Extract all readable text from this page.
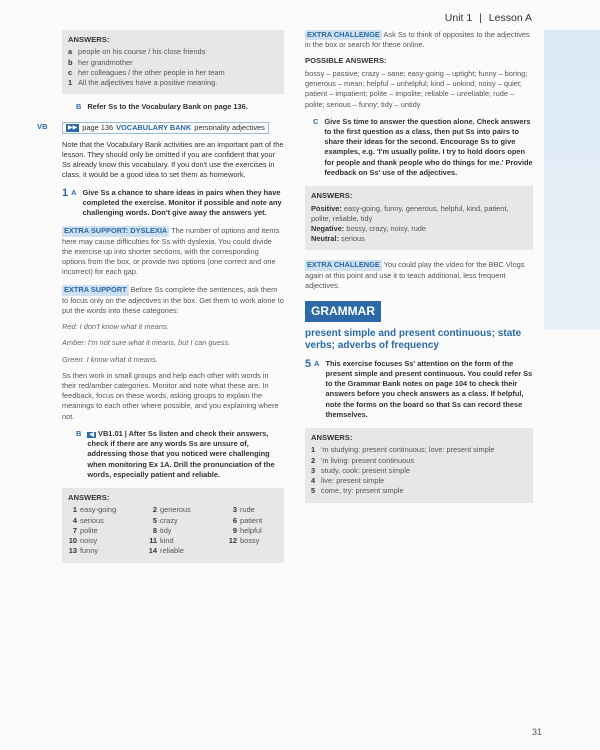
Unit 1 | Lesson A
ANSWERS:
a people on his course / his close friends
b her grandmother
c her colleagues / the other people in her team
1 All the adjectives have a positive meaning.
B Refer Ss to the Vocabulary Bank on page 136.
VB	▶▶ page 136 VOCABULARY BANK personality adjectives
Note that the Vocabulary Bank activities are an important part of the lesson. They should only be omitted if you are confident that your Ss already know this vocabulary. If you don't use the exercises in class, it would be a good idea to set them as homework.
1 A Give Ss a chance to share ideas in pairs when they have completed the exercise. Monitor if possible and note any challenging words. Don't give away the answers yet.
EXTRA SUPPORT: DYSLEXIA The number of options and items here may cause difficulties for Ss with dyslexia. You could divide the exercise up into shorter sections, with the corresponding options from the box, or provide two options (one correct and one incorrect) for each gap.
EXTRA SUPPORT Before Ss complete the sentences, ask them to focus only on the adjectives in the box. Get them to work alone to put the words into these categories:
Red: I don't know what it means.
Amber: I'm not sure what it means, but I can guess.
Green: I know what it means.
Ss then work in small groups and help each other with words in their red/amber categories. Monitor and note what these are. In feedback, focus on these words, asking groups to explain the meanings to each other where possible, and you explaining where not.
B	◀ VB1.01 | After Ss listen and check their answers, check if there are any words Ss are unsure of, addressing those that you noticed were challenging when monitoring Ex 1A. Drill the pronunciation of the words, especially patient and reliable.
ANSWERS:
1 easy-going	2 generous	3 rude
4 serious	5 crazy	6 patient
7 polite	8 tidy	9 helpful
10 noisy	11 kind	12 bossy
13 funny	14 reliable
EXTRA CHALLENGE Ask Ss to think of opposites to the adjectives in the box or search for these online.
POSSIBLE ANSWERS:
bossy – passive; crazy – sane; easy-going – uptight; funny – boring; generous – mean; helpful – unhelpful; kind – unkind; noisy – quiet; patient – impatient; polite – impolite; reliable – unreliable; rude – polite; serious – funny; tidy – untidy
C Give Ss time to answer the question alone. Check answers to the first question as a class, then put Ss into pairs to share their ideas for the second. Encourage Ss to give examples, e.g. 'I'm usually polite. I try to hold doors open for people and thank people who do things for me.' Provide feedback on Ss' use of the adjectives.
ANSWERS:
Positive: easy-going, funny, generous, helpful, kind, patient, polite, reliable, tidy
Negative: bossy, crazy, noisy, rude
Neutral: serious
EXTRA CHALLENGE You could play the video for the BBC Vlogs again at this point and use it to teach additional, less frequent adjectives.
GRAMMAR
present simple and present continuous; state verbs; adverbs of frequency
5 A This exercise focuses Ss' attention on the form of the present simple and present continuous. You could refer Ss to the Grammar Bank notes on page 104 to check their answers before you check answers as a class. If helpful, note the forms on the board so that Ss can record these themselves.
ANSWERS:
1 'm studying: present continuous; love: present simple
2 'm living: present continuous
3 study, cook: present simple
4 live: present simple
5 come, try: present simple
31
